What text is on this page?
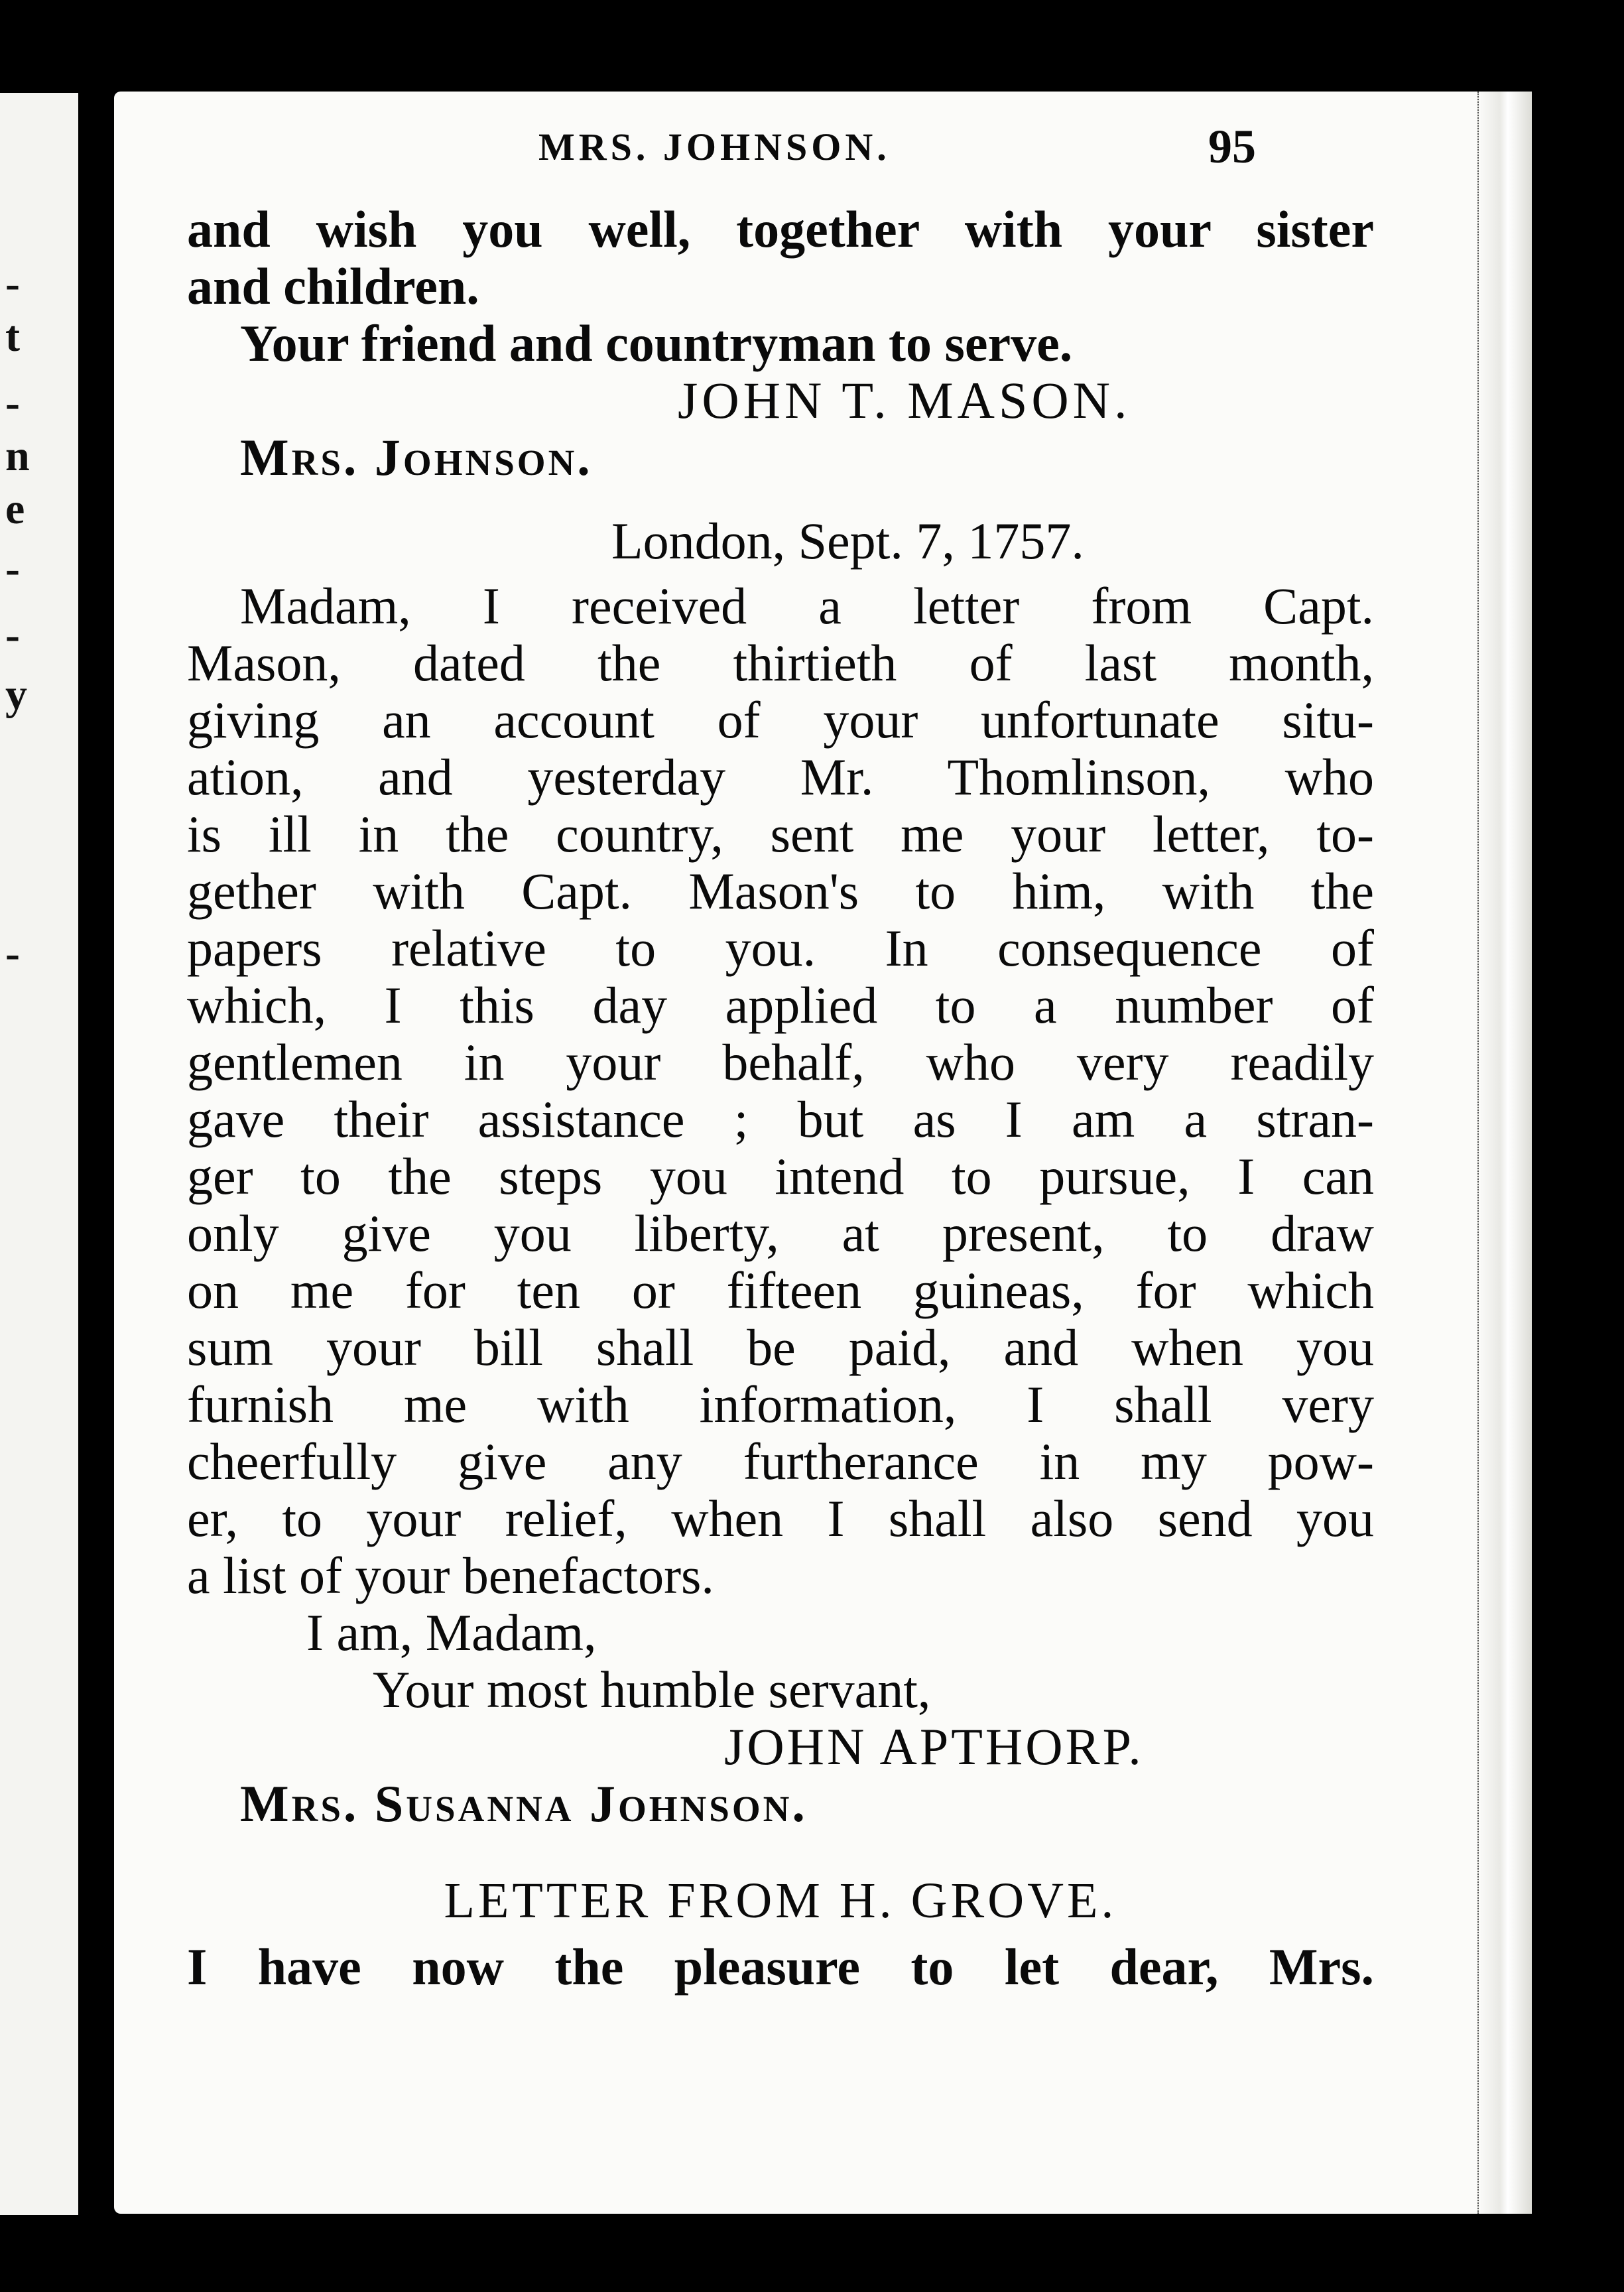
-
t
-
n
e
-
-
y
-
MRS. JOHNSON.	95
and wish you well, together with your sister
and children.
Your friend and countryman to serve.
JOHN T. MASON.
Mrs. Johnson.
London, Sept. 7, 1757.
Madam, I received a letter from Capt.
Mason, dated the thirtieth of last month,
giving an account of your unfortunate situ-
ation, and yesterday Mr. Thomlinson, who
is ill in the country, sent me your letter, to-
gether with Capt. Mason's to him, with the
papers relative to you. In consequence of
which, I this day applied to a number of
gentlemen in your behalf, who very readily
gave their assistance ; but as I am a stran-
ger to the steps you intend to pursue, I can
only give you liberty, at present, to draw
on me for ten or fifteen guineas, for which
sum your bill shall be paid, and when you
furnish me with information, I shall very
cheerfully give any furtherance in my pow-
er, to your relief, when I shall also send you
a list of your benefactors.
I am, Madam,
Your most humble servant,
JOHN APTHORP.
Mrs. Susanna Johnson.
LETTER FROM H. GROVE.
I have now the pleasure to let dear, Mrs.
